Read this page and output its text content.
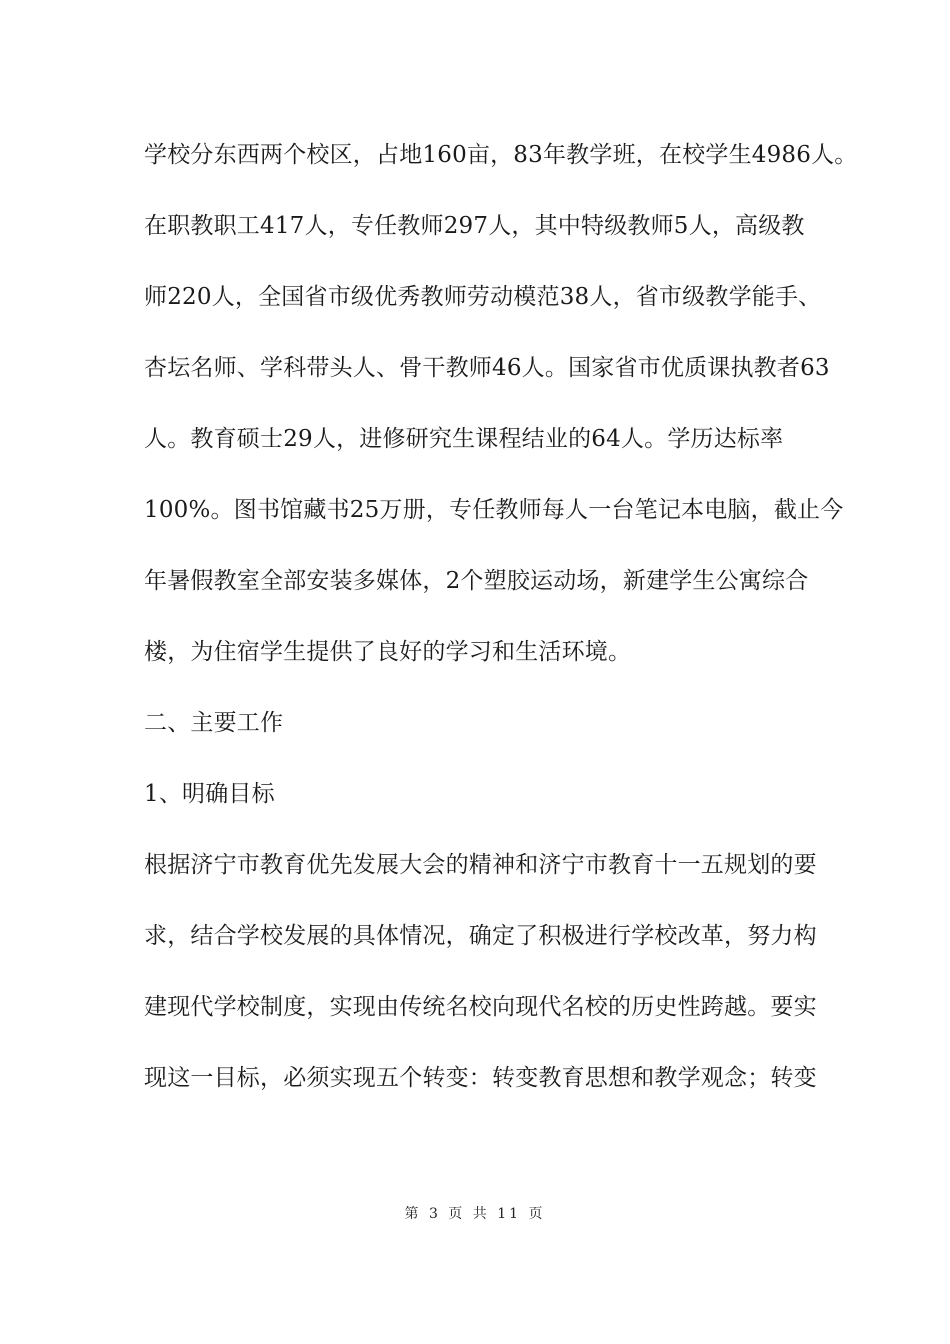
学校分东西两个校区，占地160亩，83年教学班，在校学生4986人。
在职教职工417人，专任教师297人，其中特级教师5人，高级教
师220人，全国省市级优秀教师劳动模范38人，省市级教学能手、
杏坛名师、学科带头人、骨干教师46人。国家省市优质课执教者63
人。教育硕士29人，进修研究生课程结业的64人。学历达标率
100%。图书馆藏书25万册，专任教师每人一台笔记本电脑，截止今
年暑假教室全部安装多媒体，2个塑胶运动场，新建学生公寓综合
楼，为住宿学生提供了良好的学习和生活环境。
二、主要工作
1、明确目标
根据济宁市教育优先发展大会的精神和济宁市教育十一五规划的要
求，结合学校发展的具体情况，确定了积极进行学校改革，努力构
建现代学校制度，实现由传统名校向现代名校的历史性跨越。要实
现这一目标，必须实现五个转变：转变教育思想和教学观念；转变
第 3 页 共 11 页
